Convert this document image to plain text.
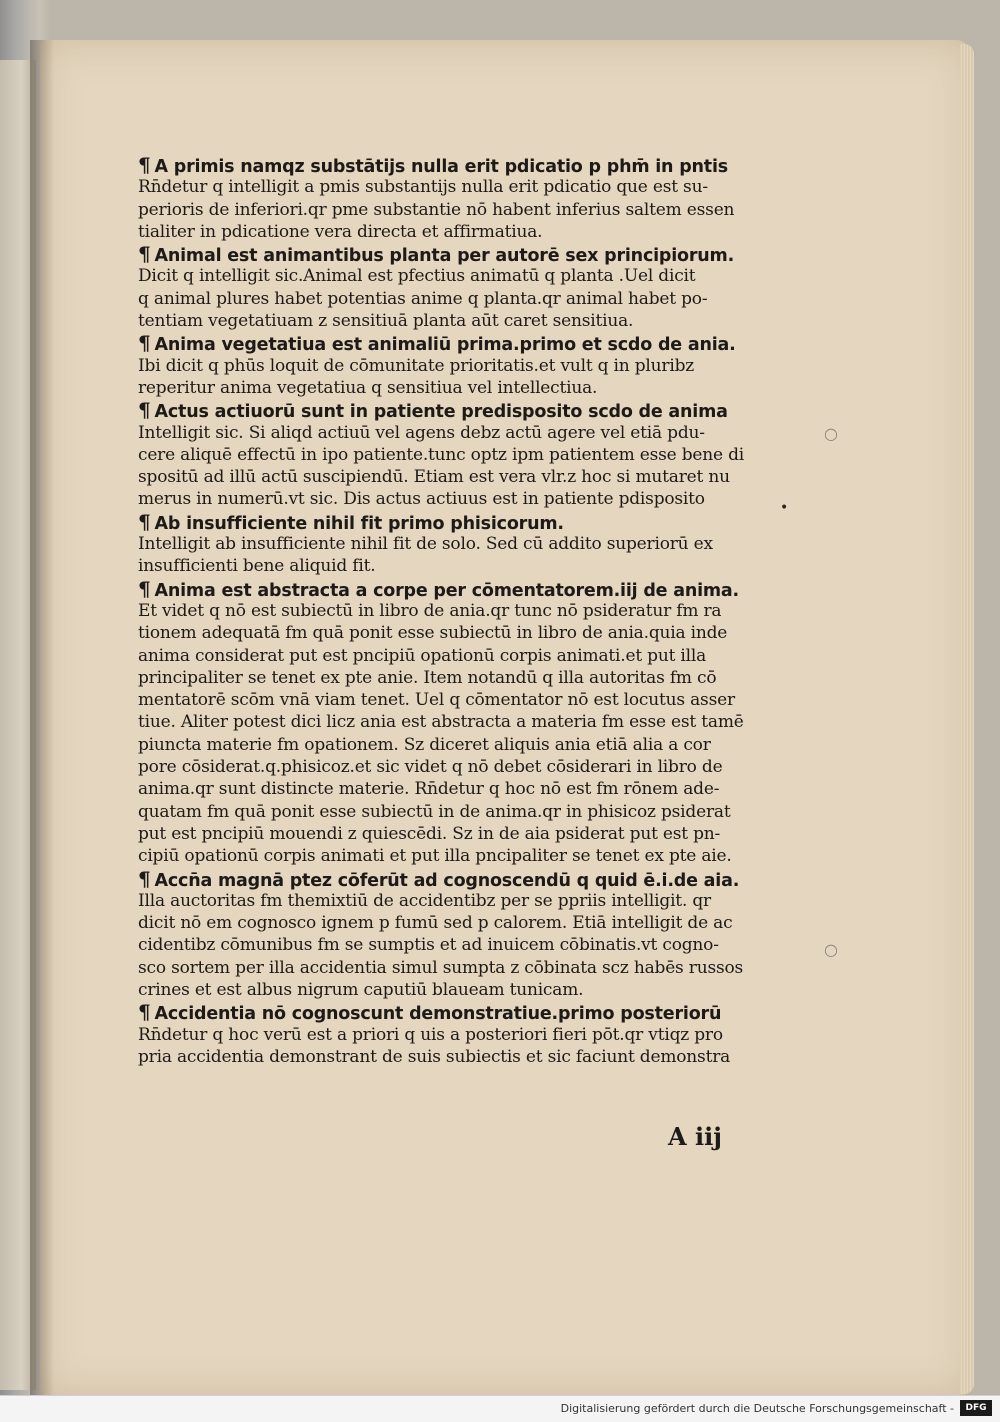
¶ A primis namqz substātijs nulla erit pdicatio p phm̄ in pntis
Rn̄detur q intelligit a pmis substantijs nulla erit pdicatio que est su-
perioris de inferiori.qr pme substantie nō habent inferius saltem essen
tialiter in pdicatione vera directa et affirmatiua.
¶ Animal est animantibus planta per autorē sex principiorum.
Dicit q intelligit sic.Animal est pfectius animatū q planta .Uel dicit
q animal plures habet potentias anime q planta.qr animal habet po-
tentiam vegetatiuam z sensitiuā planta aūt caret sensitiua.
¶ Anima vegetatiua est animaliū prima.primo et scdo de ania.
Ibi dicit q phūs loquit de cōmunitate prioritatis.et vult q in pluribz
reperitur anima vegetatiua q sensitiua vel intellectiua.
¶ Actus actiuorū sunt in patiente predisposito scdo de anima
Intelligit sic. Si aliqd actiuū vel agens debz actū agere vel etiā pdu-
cere aliquē effectū in ipo patiente.tunc optz ipm patientem esse bene di
spositū ad illū actū suscipiendū. Etiam est vera vlr.z hoc si mutaret nu
merus in numerū.vt sic. Dis actus actiuus est in patiente pdisposito
¶ Ab insufficiente nihil fit primo phisicorum.
Intelligit ab insufficiente nihil fit de solo. Sed cū addito superiorū ex
insufficienti bene aliquid fit.
¶ Anima est abstracta a corpe per cōmentatorem.iij de anima.
Et videt q nō est subiectū in libro de ania.qr tunc nō psideratur fm ra
tionem adequatā fm quā ponit esse subiectū in libro de ania.quia inde
anima considerat put est pncipiū opationū corpis animati.et put illa
principaliter se tenet ex pte anie. Item notandū q illa autoritas fm cō
mentatorē scōm vnā viam tenet. Uel q cōmentator nō est locutus asser
tiue. Aliter potest dici licz ania est abstracta a materia fm esse est tamē
piuncta materie fm opationem. Sz diceret aliquis ania etiā alia a cor
pore cōsiderat.q.phisicoz.et sic videt q nō debet cōsiderari in libro de
anima.qr sunt distincte materie. Rn̄detur q hoc nō est fm rōnem ade-
quatam fm quā ponit esse subiectū in de anima.qr in phisicoz psiderat
put est pncipiū mouendi z quiescēdi. Sz in de aia psiderat put est pn-
cipiū opationū corpis animati et put illa pncipaliter se tenet ex pte aie.
¶ Accn̄a magnā ptez cōferūt ad cognoscendū q quid ē.i.de aia.
Illa auctoritas fm themixtiū de accidentibz per se ppriis intelligit. qr
dicit nō em cognosco ignem p fumū sed p calorem. Etiā intelligit de ac
cidentibz cōmunibus fm se sumptis et ad inuicem cōbinatis.vt cogno-
sco sortem per illa accidentia simul sumpta z cōbinata scz habēs russos
crines et est albus nigrum caputiū blaueam tunicam.
¶ Accidentia nō cognoscunt demonstratiue.primo posteriorū
Rn̄detur q hoc verū est a priori q uis a posteriori fieri pōt.qr vtiqz pro
pria accidentia demonstrant de suis subiectis et sic faciunt demonstra
A iij
○
○
•
Digitalisierung gefördert durch die Deutsche Forschungsgemeinschaft -	DFG
